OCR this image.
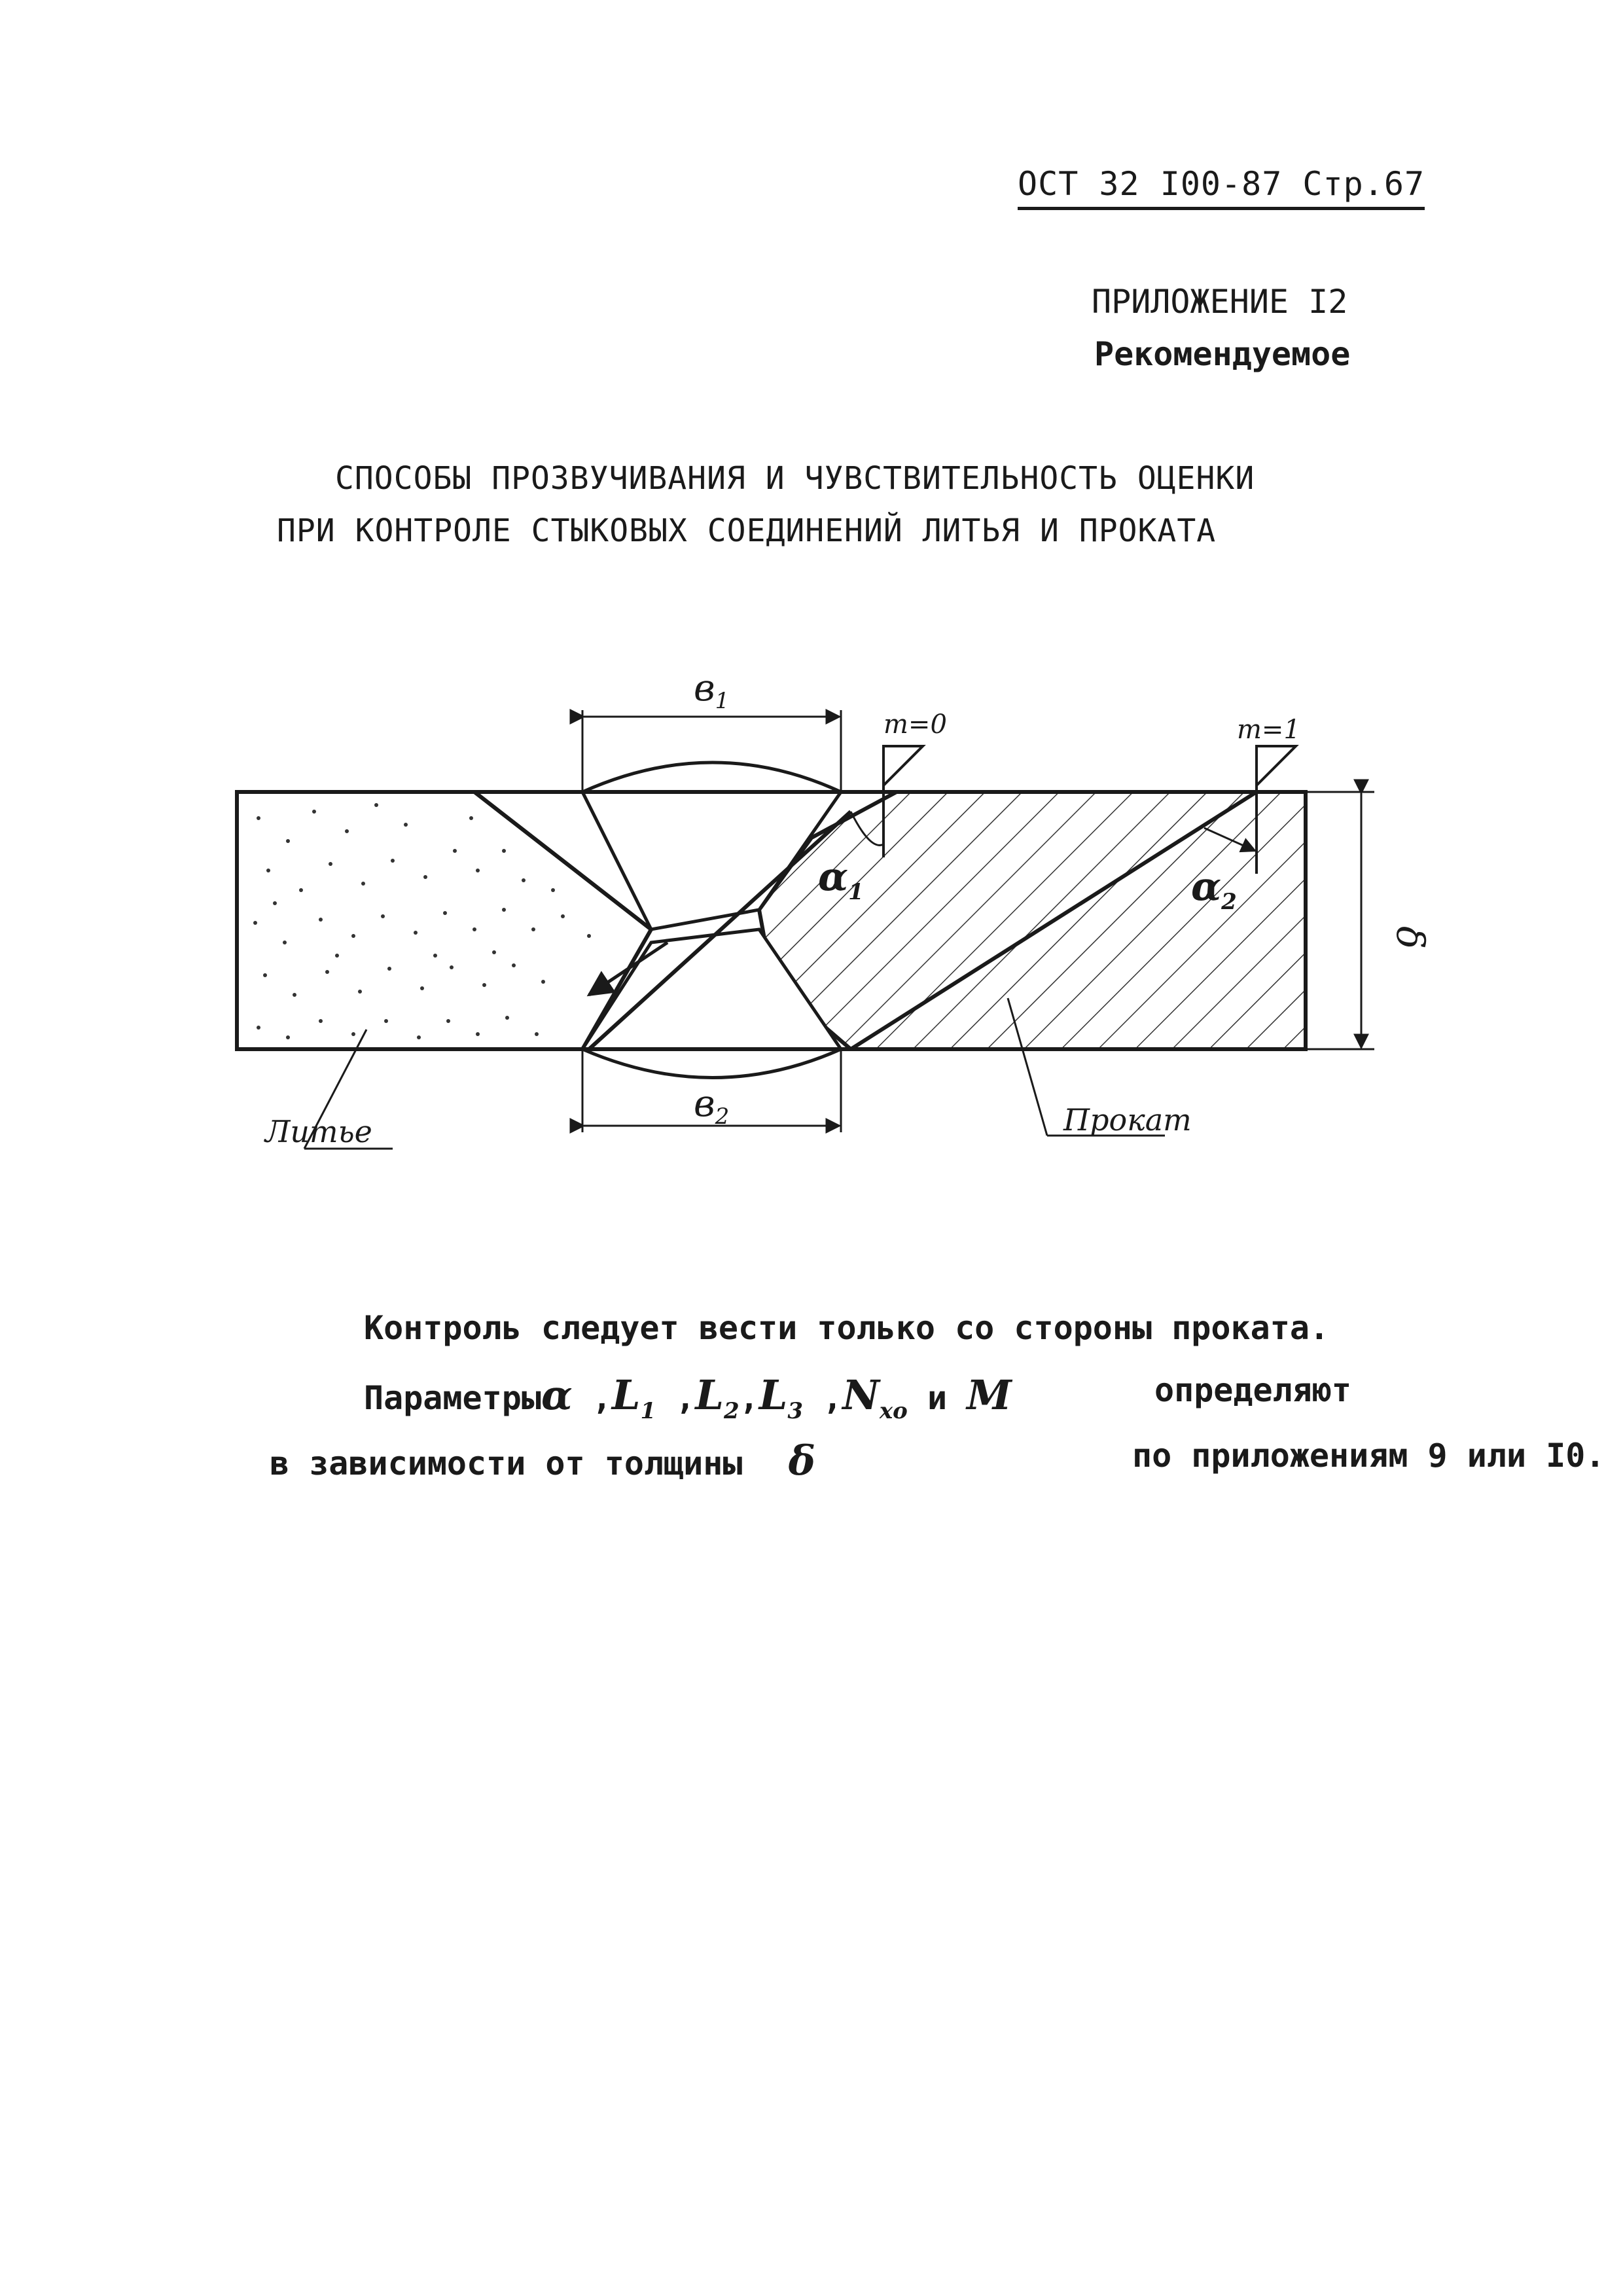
ОСТ 32 I00-87 Стр.67
ПРИЛОЖЕНИЕ I2
Рекомендуемое
СПОСОБЫ ПРОЗВУЧИВАНИЯ И ЧУВСТВИТЕЛЬНОСТЬ ОЦЕНКИ
ПРИ КОНТРОЛЕ СТЫКОВЫХ СОЕДИНЕНИЙ ЛИТЬЯ И ПРОКАТА
$в_1$
$в_2$
m=0	m=1
$\alpha_1$	$\alpha_2$
δ
Литье	Прокат
Контроль следует вести только со стороны проката.
Параметрыα $,L_1$ $,L_2,L_3$ $,N_{xo}$ и M	определяют
в зависимости от толщины δ	по приложениям 9 или I0.
